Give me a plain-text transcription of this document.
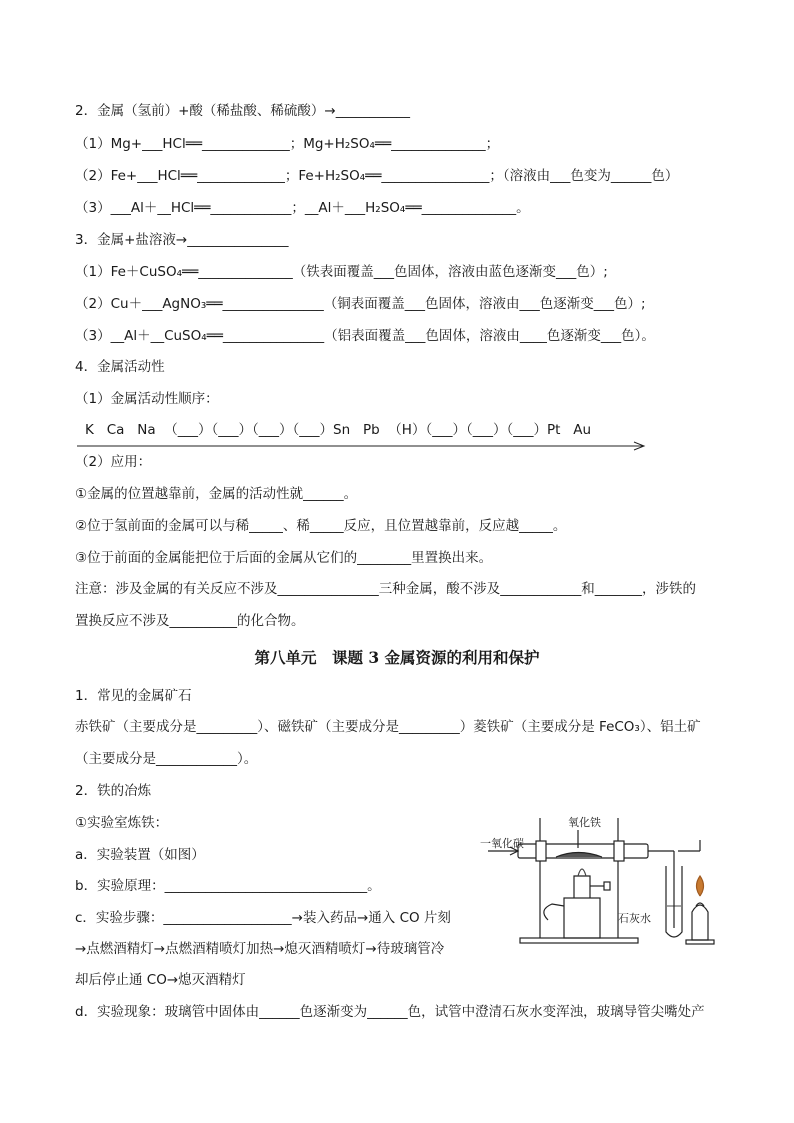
2．金属（氢前）+酸（稀盐酸、稀硫酸）→___________
（1）Mg+___HCl══_____________；Mg+H₂SO₄══______________；
（2）Fe+___HCl══_____________；Fe+H₂SO₄══________________；（溶液由___色变为______色）
（3）___Al＋__HCl══____________；__Al＋___H₂SO₄══______________。
3．金属+盐溶液→_______________
（1）Fe＋CuSO₄══______________（铁表面覆盖___色固体，溶液由蓝色逐渐变___色）;
（2）Cu＋___AgNO₃══_______________（铜表面覆盖___色固体，溶液由___色逐渐变___色）;
（3）__Al＋__CuSO₄══_______________（铝表面覆盖___色固体，溶液由____色逐渐变___色）。
4．金属活动性
（1）金属活动性顺序：
K   Ca   Na  （___）（___）（___）（___）Sn   Pb  （H）（___）（___）（___）Pt   Au
（2）应用：
①金属的位置越靠前，金属的活动性就______。
②位于氢前面的金属可以与稀_____、稀_____反应，且位置越靠前，反应越_____。
③位于前面的金属能把位于后面的金属从它们的________里置换出来。
注意：涉及金属的有关反应不涉及_______________三种金属，酸不涉及____________和_______，涉铁的
置换反应不涉及__________的化合物。
第八单元　课题 3 金属资源的利用和保护
1．常见的金属矿石
赤铁矿（主要成分是_________）、磁铁矿（主要成分是_________）菱铁矿（主要成分是 FeCO₃）、铝土矿
（主要成分是____________）。
2．铁的冶炼
①实验室炼铁：
a．实验装置（如图）
b．实验原理：______________________________。
c．实验步骤：___________________→装入药品→通入 CO 片刻
→点燃酒精灯→点燃酒精喷灯加热→熄灭酒精喷灯→待玻璃管冷
却后停止通 CO→熄灭酒精灯
d．实验现象：玻璃管中固体由______色逐渐变为______色，试管中澄清石灰水变浑浊，玻璃导管尖嘴处产
一氧化碳
氧化铁
石灰水
